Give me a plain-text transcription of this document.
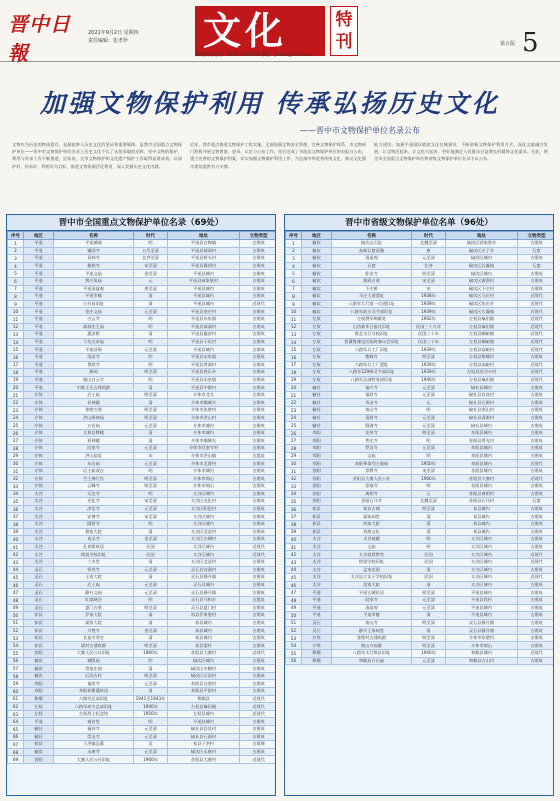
晋中日報
2021年9月2日 星期四
责任编辑：张孝珍 文化	特刊
新闻热线电话：0354-3112758 邮箱：jzrbzk@163.com
第五版 5
加强文物保护利用 传承弘扬历史文化
——晋中市文物保护单位名录公布
文物作为历史的物质遗存，是最能够人历史文化的见证和重要载体。是我市全国重点文物保护单位——晋中市文物保护单位名录上历史文化不仅了永恒承载的光辉，晋中文物的保护、利用与传承工作不断推进，近年来，全市文物保护和文化遗产保护工作取得显著成效，以保护好、传承好、利用好为目标，推进文物资源活化利用，深入发掘历史文化内涵。
近年，我市重点推进文物保护工程实施，全面加强文物安全管理，完善文物保护体系。市文物部门积极开展文物普查、登录、认定与公布工作，先后完成了多批次文物保护单位的申报与公布，建立完善的文物保护档案，切实加强文物保护利用工作，为弘扬中华优秀传统文化、推动文化强市建设提供有力支撑。
能力建设，加强平遥国际旅游文化名城建设，不断创新文物保护利用方式，深化文旅融合发展，让文物活起来、让文化火起来，更好地满足人民群众日益增长的精神文化需求。在此，将全市全国重点文物保护单位和省级文物保护单位名录予以公布。
晋中市全国重点文物保护单位名录（69处）
序号	地区	名称	时代	地址	文物类型
1	平遥	平遥城墙	明	平遥县古陶镇	古建筑
2	平遥	镇国寺	五代至清	平遥县郝洞村	古建筑
3	平遥	双林寺	北齐至清	平遥县桥头村	古建筑
4	平遥	慈相寺	宋至清	平遥县冀郭村	古建筑
5	平遥	平遥文庙	金至清	平遥县城内	古建筑
6	平遥	利应侯庙	元	平遥县郝家堡村	古建筑
7	平遥	平遥清虚观	唐至清	平遥县城内	古建筑
8	平遥	平遥市楼	清	平遥县城内	古建筑
9	平遥	日升昌旧址	清	平遥县城内	近现代
10	平遥	金庄文庙	元至清	平遥县金庄村	古建筑
11	平遥	白云寺	明	平遥县东泉镇	古建筑
12	平遥	郝洞龙王庙	明	平遥县郝洞村	古建筑
13	平遥	惠济桥	清	平遥县惠济村	古建筑
14	平遥	干坑关帝庙	明	平遥县干坑村	古建筑
15	平遥	平遥县衙	元至清	平遥县城内	古建筑
16	平遥	清凉寺	明	平遥县东泉镇	古建筑
17	平遥	普照寺	明	平遥县普洞村	古建筑
18	平遥	源祠	明至清	平遥县香乐乡	古建筑
19	平遥	超山白云寺	明	平遥县东泉镇	古建筑
20	平遥	中都王氏古建筑群	清	平遥县中都村	古建筑
21	介休	后土庙	明至清	介休市北关	古建筑
22	介休	祆神楼	清	介休市顺城关	古建筑
23	介休	张壁古堡	明至清	介休市张壁村	古建筑
24	介休	洪山源神庙	明至清	介休市洪山村	古建筑
25	介休	五岳庙	元至清	介休市城内	古建筑
26	介休	太和岩牌楼	清	介休市城内	古建筑
27	介休	袄神楼	清	介休市顺城关	古建筑
28	介休	回銮寺	元至清	介休市回銮寺村	古建筑
29	介休	洪山窑址	宋	介休市洪山镇	古遗址
30	介休	东岳庙	元至清	介休市北贾村	古建筑
31	介休	后土庙戏台	明	介休市城内	古建筑
32	介休	空王佛行宫	明至清	介休市绵山	古建筑
33	介休	云峰寺	明至清	介休市绵山	古建筑
34	太谷	无边寺	明	太谷区城内	古建筑
35	太谷	光化寺	宋至清	太谷区光化村	古建筑
36	太谷	净信寺	元至清	太谷区阳邑村	古建筑
37	太谷	安禅寺	宋至清	太谷区城内	古建筑
38	太谷	圆智寺	明	太谷区城内	古建筑
39	太谷	曹家大院	清	太谷区北洸村	古建筑
40	太谷	真圣寺	金至清	太谷区白城村	古建筑
41	太谷	孔祥熙故居	民国	太谷区城内	近现代
42	太谷	铭贤学校旧址	民国	太谷区城内	近现代
43	太谷	三多堂	清	太谷区北洸村	古建筑
44	灵石	资寿寺	元至清	灵石县苏溪村	古建筑
45	灵石	王家大院	清	灵石县静升镇	古建筑
46	灵石	后土庙	元至清	灵石县城内	古建筑
47	灵石	静升文庙	元至清	灵石县静升镇	古建筑
48	灵石	红崖峡谷	明	灵石县马和乡	古遗址
49	灵石	夏门古堡	明至清	灵石县夏门村	古建筑
50	祁县	乔家大院	清	祁县乔家堡村	古建筑
51	祁县	渠家大院	清	祁县城内	古建筑
52	祁县	兴梵寺	金至清	祁县城内	古建筑
53	祁县	长裕川茶庄	清	祁县城内	古建筑
54	祁县	梁村古建筑群	明至清	祁县梁村	古建筑
55	昔阳	大寨人民公社旧址	1960年	昔阳县大寨村	近现代
56	榆次	城隍庙	明	榆次区城内	古建筑
57	榆次	常家庄园	清	榆次区车辋村	古建筑
58	榆次	后沟古村	明至清	榆次区后沟村	古建筑
59	寿阳	福田寺	元至清	寿阳县白道村	古建筑
60	寿阳	寿阳祁寯藻故居	清	寿阳县平舒村	古建筑
61	和顺	八路军总部旧址	1941至1943年	和顺县	近现代
62	左权	八路军前方总部旧址	1940年	左权县麻田镇	近现代
63	左权	左权烈士纪念馆	1950年	左权县城内	近现代
64	平遥	观音堂	明	平遥县城内	古建筑
65	榆社	福祥寺	元至清	榆社县岩良村	古建筑
66	榆社	崇圣寺	元至清	榆社县石源村	古建筑
67	祁县	子洪镇汉墓	汉	祁县子洪村	古墓葬
68	榆次	永康寺	元至清	榆次区永康村	古建筑
69	昔阳	大寨人民公社旧址	1960年	昔阳县大寨村	近现代
晋中市省级文物保护单位名单（96处）
序号	地区	名称	时代	地址	文物类型
1	榆次	榆次山石窑	北魏至清	榆次区郭家堡乡	古建筑
2	榆次	高峪石窟造像	唐	榆次区庄子乡	石窟
3	榆次	清虚观	元至清	榆次区城内	古建筑
4	榆次	石窟	北齐	榆次区长凝镇	石窟
5	榆次	卧龙寺	明至清	榆次区城内	古建筑
6	榆次	源涡古道	宋至清	榆次区源涡村	古建筑
7	榆次	下庄桥	宋	榆次区下庄村	古建筑
8	榆次	马庄大道遗址	1938年	榆次区马庄村	近现代
9	榆次	八路军太行第一兵团旧址	1939年	榆次区张庆乡	近现代
10	榆次	八路军前方司令部旧址	1939年	榆次区长凝镇	近现代
11	左权	左权将军殉难处	1942年	左权县麻田镇	近现代
12	左权	山西新华日报社旧址	民国三十九年	左权县麻田镇	近现代
13	左权	鲁艺太行分校旧址	民国三十年	左权县桐峪镇	近现代
14	左权	晋冀鲁豫边区临时参议会旧址	民国三十年	左权县桐峪镇	近现代
15	左权	八路军兵工厂旧址	1939年	左权县高峪村	近现代
16	左权	紫峰寺	明至清	左权县紫峰村	古建筑
17	左权	八路军兵工厂遗址	1939年	左权县高峪村	近现代
18	左权	八路军129师司令部旧址	1939年	左权县西河头村	近现代
19	左权	八路军总部特务团旧址	1940年	左权县麻田镇	近现代
20	榆社	福兴寺	元至清	榆社县城内	古建筑
21	榆社	福祥寺	元至清	榆社县岩良村	古建筑
22	榆社	寿圣寺	元	榆社县石源村	古建筑
23	榆社	南山寺	明	榆社县南山村	古建筑
24	榆社	清源寺	元至清	榆社县清源村	古建筑
25	榆社	圆通寺	元至清	榆社县城内	古建筑
26	寿阳	龙泉寺	明至清	寿阳县城内	古建筑
27	寿阳	普光寺	明	寿阳县普光村	古建筑
28	寿阳	罗汉寺	元至清	寿阳县城内	古建筑
29	寿阳	文庙	明	寿阳县城内	古建筑
30	寿阳	寿阳革命烈士陵园	1950年	寿阳县城内	近现代
31	昔阳	崇教寺	宋至清	昔阳县城内	古建筑
32	昔阳	昔阳县大寨人民公社	1960年	昔阳县大寨村	近现代
33	昔阳	崇福寺	明	昔阳县城内	古建筑
34	昔阳	离相寺	元	昔阳县离相村	古建筑
35	昔阳	昔阳石马寺	北魏至清	昔阳县石马村	石窟
36	祁县	祁县古城	明至清	祁县城内	古建筑
37	祁县	渠家祠堂	清	祁县城内	古建筑
38	祁县	何家大院	清	祁县城内	古建筑
39	祁县	晋商文化	清	祁县城内	古建筑
40	太谷	太谷鼓楼	明	太谷区城内	古建筑
41	太谷	文庙	明	太谷区城内	古建筑
42	太谷	太谷基督教堂	民国	太谷区城内	近现代
43	太谷	铭贤学校旧址	民国	太谷区城内	近现代
44	太谷	孟家花园	清	太谷区城内	古建筑
45	太谷	太谷县立女子学校旧址	民国	太谷区城内	近现代
46	太谷	范家大院	清	太谷区城内	古建筑
47	平遥	平遥古城民居	明至清	平遥县城内	古建筑
48	平遥	段家寺	元至清	平遥县段村	古建筑
49	平遥	清虚观	元至清	平遥县城内	古建筑
50	平遥	平遥市楼	清	平遥县城内	古建筑
51	灵石	南山寺	明至清	灵石县静升镇	古建筑
52	灵石	静升王家祠堂	清	灵石县静升镇	古建筑
53	介休	张壁村古建筑群	明至清	介休市张壁村	古建筑
54	介休	绵山寺庙群	明至清	介休市绵山	古建筑
55	和顺	八路军太行纵队旧址	1940年	和顺县城内	近现代
56	和顺	和顺县合山庙	元至清	和顺县合山村	古建筑
